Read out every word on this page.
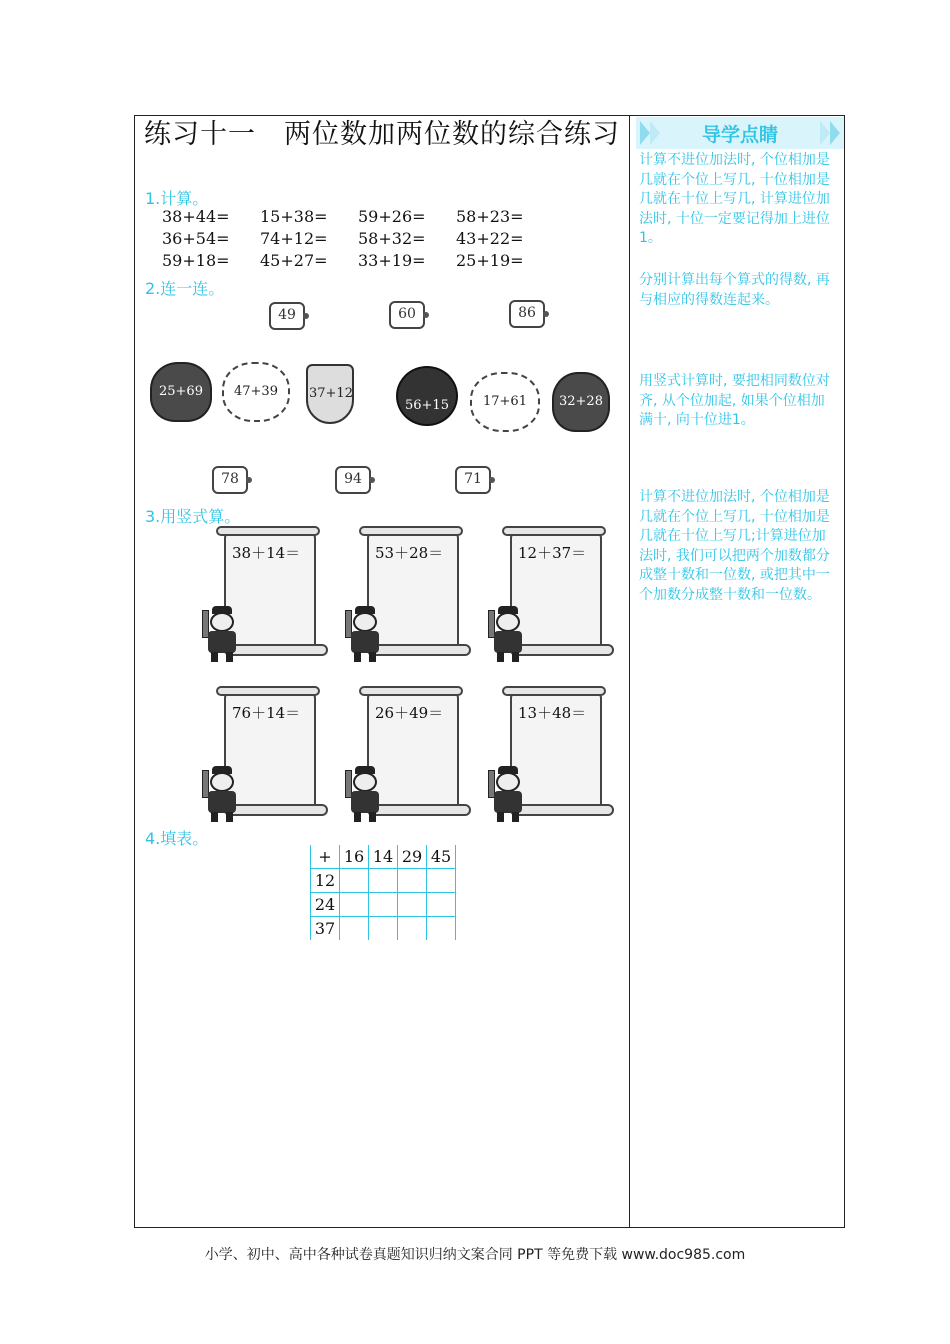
练习十一　两位数加两位数的综合练习
1.计算。
38+44=	15+38=	59+26=	58+23=
36+54=	74+12=	58+32=	43+22=
59+18=	45+27=	33+19=	25+19=
2.连一连。
49	60	86
25+69	47+39	37+12
56+15	17+61	32+28
78	94	71
3.用竖式算。
38＋14＝	53＋28＝	12＋37＝
76＋14＝	26＋49＝	13＋48＝
4.填表。
+	16	14	29	45
12				
24				
37				
导学点睛
计算不进位加法时, 个位相加是几就在个位上写几, 十位相加是几就在十位上写几, 计算进位加法时, 十位一定要记得加上进位 1。
分别计算出每个算式的得数, 再与相应的得数连起来。
用竖式计算时, 要把相同数位对齐, 从个位加起, 如果个位相加满十, 向十位进1。
计算不进位加法时, 个位相加是几就在个位上写几, 十位相加是几就在十位上写几;计算进位加法时, 我们可以把两个加数都分成整十数和一位数, 或把其中一个加数分成整十数和一位数。
小学、初中、高中各种试卷真题知识归纳文案合同 PPT 等免费下载 www.doc985.com
